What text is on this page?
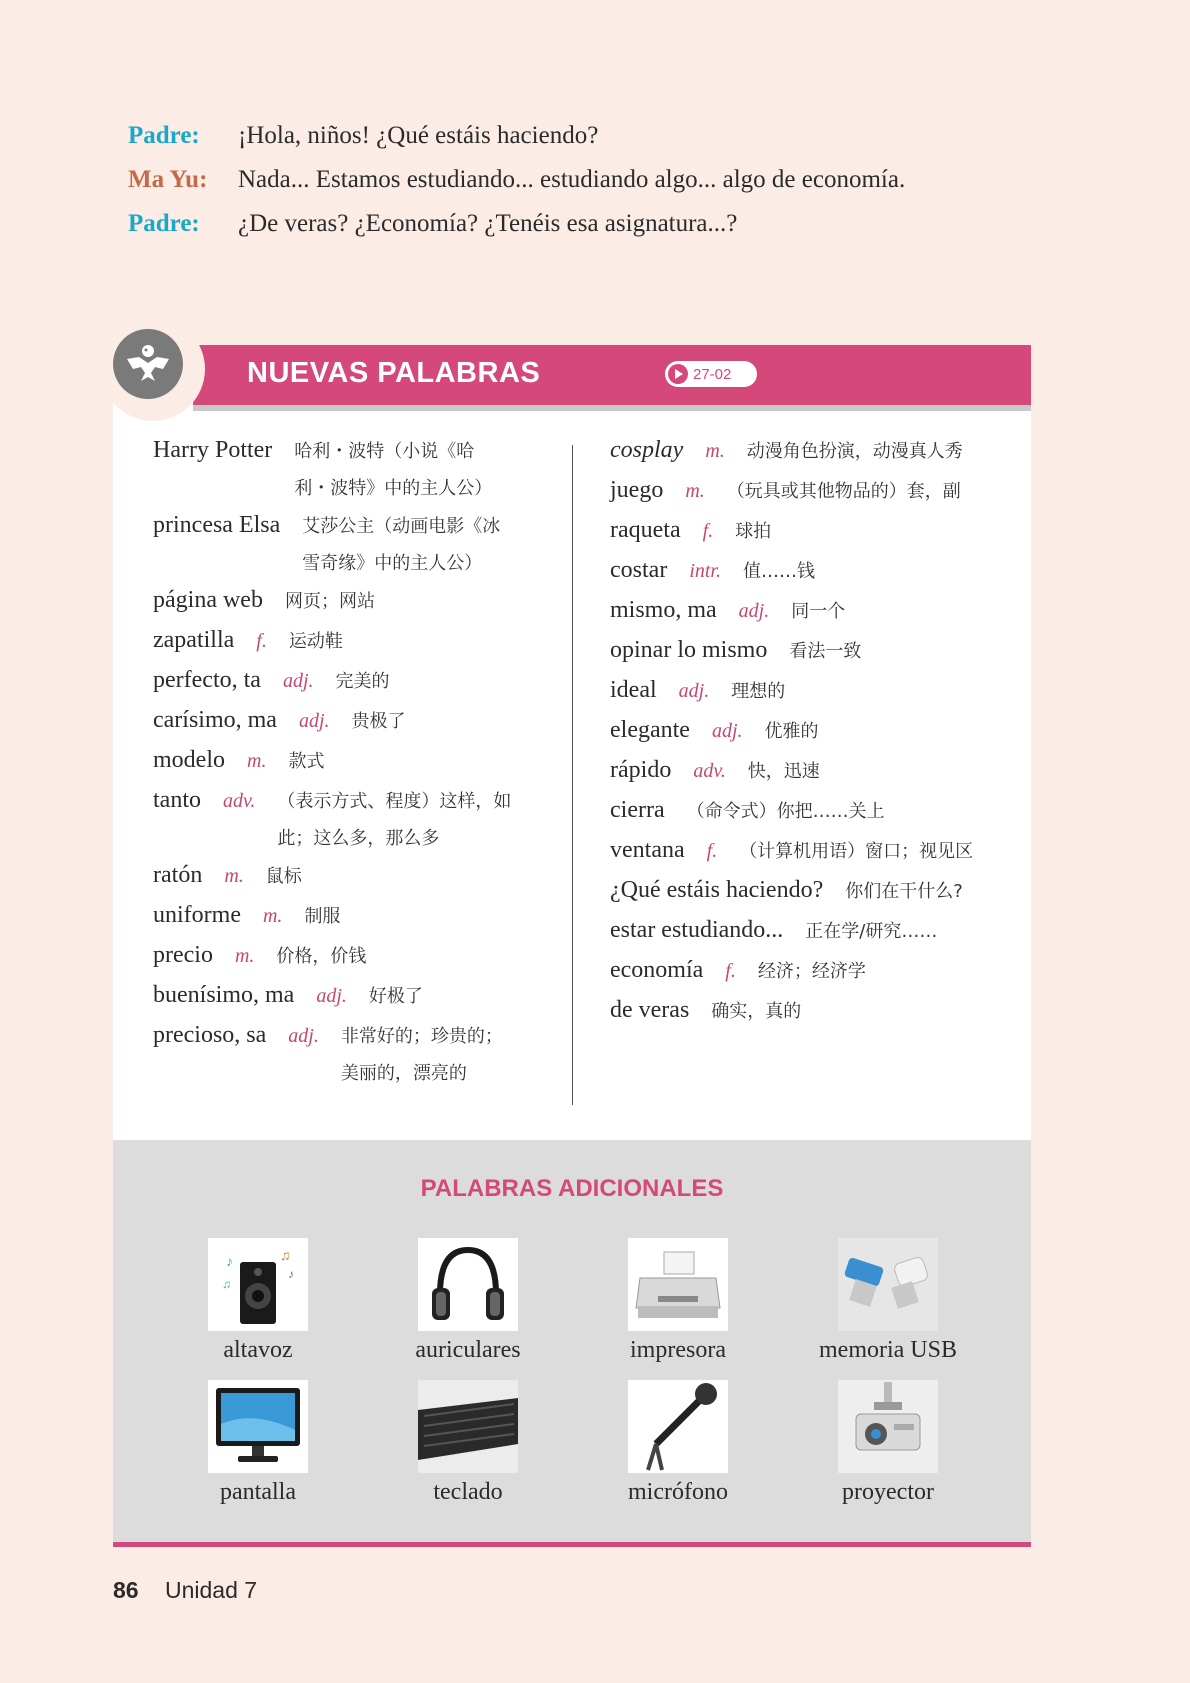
Padre:	¡Hola, niños! ¿Qué estáis haciendo?
Ma Yu:	Nada... Estamos estudiando... estudiando algo... algo de economía.
Padre:	¿De veras? ¿Economía? ¿Tenéis esa asignatura...?
NUEVAS PALABRAS	27-02
Harry Potter 哈利・波特（小说《哈
利・波特》中的主人公）
princesa Elsa 艾莎公主（动画电影《冰
雪奇缘》中的主人公）
página web 网页；网站
zapatilla f. 运动鞋
perfecto, ta adj. 完美的
carísimo, ma adj. 贵极了
modelo m. 款式
tanto adv. （表示方式、程度）这样，如
此；这么多，那么多
ratón m. 鼠标
uniforme m. 制服
precio m. 价格，价钱
buenísimo, ma adj. 好极了
precioso, sa adj. 非常好的；珍贵的；
美丽的，漂亮的
cosplay m. 动漫角色扮演，动漫真人秀
juego m. （玩具或其他物品的）套，副
raqueta f. 球拍
costar intr. 值……钱
mismo, ma adj. 同一个
opinar lo mismo 看法一致
ideal adj. 理想的
elegante adj. 优雅的
rápido adv. 快，迅速
cierra （命令式）你把……关上
ventana f. （计算机用语）窗口；视见区
¿Qué estáis haciendo? 你们在干什么?
estar estudiando... 正在学/研究……
economía f. 经济；经济学
de veras 确实，真的
PALABRAS ADICIONALES
♪	♫
♪
♫
altavoz	auriculares	impresora	memoria USB
pantalla	teclado	micrófono	proyector
86 Unidad 7
